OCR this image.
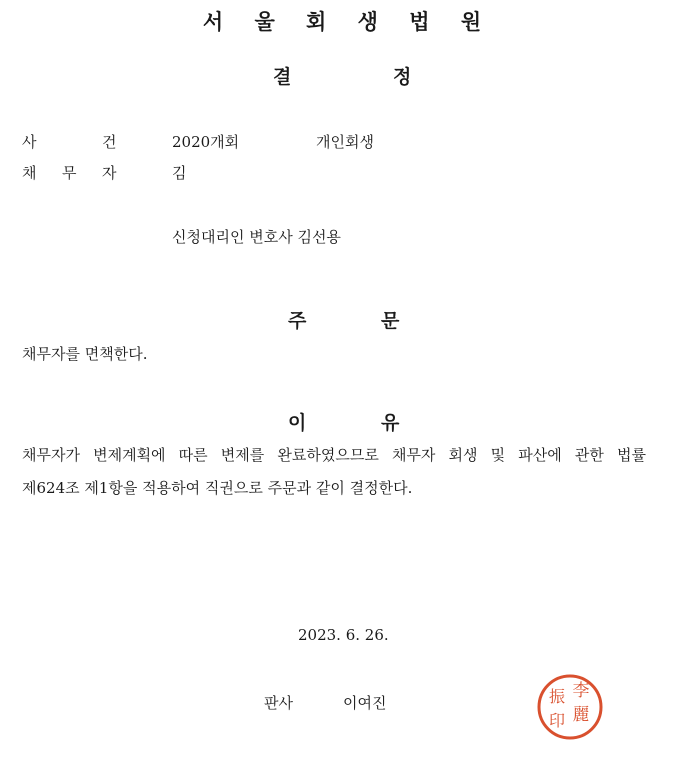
서 울 회 생 법 원
결	정
사	건	2020개회	개인회생
채 무 자	김
신청대리인 변호사 김선용
주	문
채무자를 면책한다.
이	유
채무자가 변제계획에 따른 변제를 완료하였으므로 채무자 회생 및 파산에 관한 법률
제624조 제1항을 적용하여 직권으로 주문과 같이 결정한다.
2023. 6. 26.
판사	이여진
李
麗
振
印
